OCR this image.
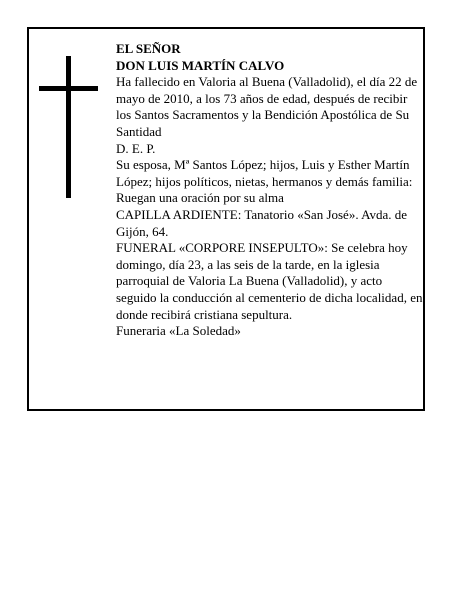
EL SEÑOR

DON LUIS MARTÍN CALVO

Ha fallecido en Valoria al Buena (Valladolid), el día 22 de mayo de 2010, a los 73 años de edad, después de recibir los Santos Sacramentos y la Bendición Apostólica de Su Santidad

D. E. P.

Su esposa, Mª Santos López; hijos, Luis y Esther Martín López; hijos políticos, nietas, hermanos y demás familia:

Ruegan una oración por su alma

CAPILLA ARDIENTE: Tanatorio «San José». Avda. de Gijón, 64.

FUNERAL «CORPORE INSEPULTO»: Se celebra hoy domingo, día 23, a las seis de la tarde, en la iglesia parroquial de Valoria La Buena (Valladolid), y acto seguido la conducción al cementerio de dicha localidad, en donde recibirá cristiana sepultura.

Funeraria «La Soledad»
